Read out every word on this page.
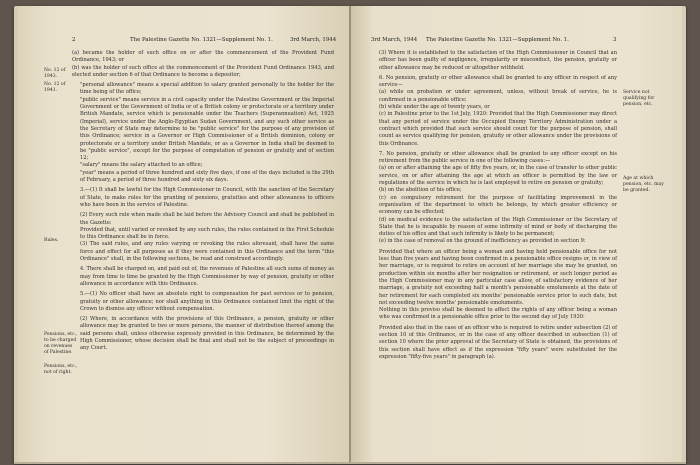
2	The Palestine Gazette No. 1321—Supplement No. 1.	3rd March, 1944
No. 12 of 1943.
No. 12 of 1941.
Rules.
Pensions, etc., to be charged on revenues of Palestine.
Pensions, etc., not of right.

(a) became the holder of such office on or after the commencement of the Provident Fund Ordinance, 1943; or

(b) was the holder of such office at the commencement of the Provident Fund Ordinance 1943, and elected under section 6 of that Ordinance to become a depositor;

"personal allowance" means a special addition to salary granted personally to the holder for the time being of the office;

"public service" means service in a civil capacity under the Palestine Government or the Imperial Government or the Government of India or of a British colony or protectorate or a territory under British Mandate, service which is pensionable under the Teachers (Superannuation) Act, 1925 (Imperial), service under the Anglo-Egyptian Sudan Government, and any such other service as the Secretary of State may determine to be "public service" for the purpose of any provision of this Ordinance; service in a Governor or High Commissioner of a British dominion, colony or protectorate or a territory under British Mandate, or as a Governor in India shall be deemed to be "public service", except for the purpose of computation of pension or gratuity and of section 12;

"salary" means the salary attached to an office;

"year" means a period of three hundred and sixty five days, if one of the days included is the 29th of February, a period of three hundred and sixty six days.

3.—(1) It shall be lawful for the High Commissioner in Council, with the sanction of the Secretary of State, to make rules for the granting of pensions, gratuities and other allowances to officers who have been in the service of Palestine.

(2) Every such rule when made shall be laid before the Advisory Council and shall be published in the Gazette:

Provided that, until varied or revoked by any such rules, the rules contained in the First Schedule to this Ordinance shall be in force.

(3) The said rules, and any rules varying or revoking the rules aforesaid, shall have the same force and effect for all purposes as if they were contained in this Ordinance and the term "this Ordinance" shall, in the following sections, be read and construed accordingly.

4. There shall be charged on, and paid out of, the revenues of Palestine all such sums of money as may from time to time be granted by the High Commissioner by way of pension, gratuity or other allowance in accordance with this Ordinance.

5.—(1) No officer shall have an absolute right to compensation for past services or to pension, gratuity or other allowance; nor shall anything in this Ordinance contained limit the right of the Crown to dismiss any officer without compensation.

(2) Where, in accordance with the provisions of this Ordinance, a pension, gratuity or other allowance may be granted to two or more persons, the manner of distribution thereof among the said persons shall, unless otherwise expressly provided in this Ordinance, be determined by the High Commissioner, whose decision shall be final and shall not be the subject of proceedings in any Court.

3rd March, 1944 The Palestine Gazette No. 1321—Supplement No. 1.	3
Service not qualifying for pension, etc.
Age at which pension, etc. may be granted.

(3) Where it is established to the satisfaction of the High Commissioner in Council that an officer has been guilty of negligence, irregularity or misconduct, the pension, gratuity or other allowance may be reduced or altogether withheld.

6. No pension, gratuity or other allowance shall be granted to any officer in respect of any service—

(a) while on probation or under agreement, unless, without break of service, he is confirmed in a pensionable office;

(b) while under the age of twenty years, or

(c) in Palestine prior to the 1st July, 1920: Provided that the High Commissioner may direct that any period of service under the Occupied Enemy Territory Administration under a contract which provided that such service should count for the purpose of pension, shall count as service qualifying for pension, gratuity or other allowance under the provisions of this Ordinance.

7. No pension, gratuity or other allowance shall be granted to any officer except on his retirement from the public service in one of the following cases:—

(a) on or after attaining the age of fifty five years, or, in the case of transfer to other public service, on or after attaining the age at which an officer is permitted by the law or regulations of the service in which he is last employed to retire on pension or gratuity;

(b) on the abolition of his office;

(c) on compulsory retirement for the purpose of facilitating improvement in the organisation of the department to which he belongs, by which greater efficiency or economy can be effected;

(d) on medical evidence to the satisfaction of the High Commissioner or the Secretary of State that he is incapable by reason of some infirmity of mind or body of discharging the duties of his office and that such infirmity is likely to be permanent;

(e) in the case of removal on the ground of inefficiency as provided in section 9:

Provided that where an officer being a woman and having held pensionable office for not less than five years and having been confirmed in a pensionable office resigns or, in view of her marriage, or is required to retire on account of her marriage she may be granted, on production within six months after her resignation or retirement, or such longer period as the High Commissioner may in any particular case allow, of satisfactory evidence of her marriage, a gratuity not exceeding half a month's pensionable emoluments at the date of her retirement for each completed six months' pensionable service prior to such date, but not exceeding twelve months' pensionable emoluments.

Nothing in this proviso shall be deemed to affect the rights of any officer being a woman who was confirmed in a pensionable office prior to the second day of July 1930:

Provided also that in the case of an officer who is required to retire under subsection (2) of section 10 of this Ordinance, or in the case of any officer described in subsection (1) of section 10 where the prior approval of the Secretary of State is obtained, the provisions of this section shall have effect as if the expression "fifty years" were substituted for the expression "fifty-five years" in paragraph (a).
